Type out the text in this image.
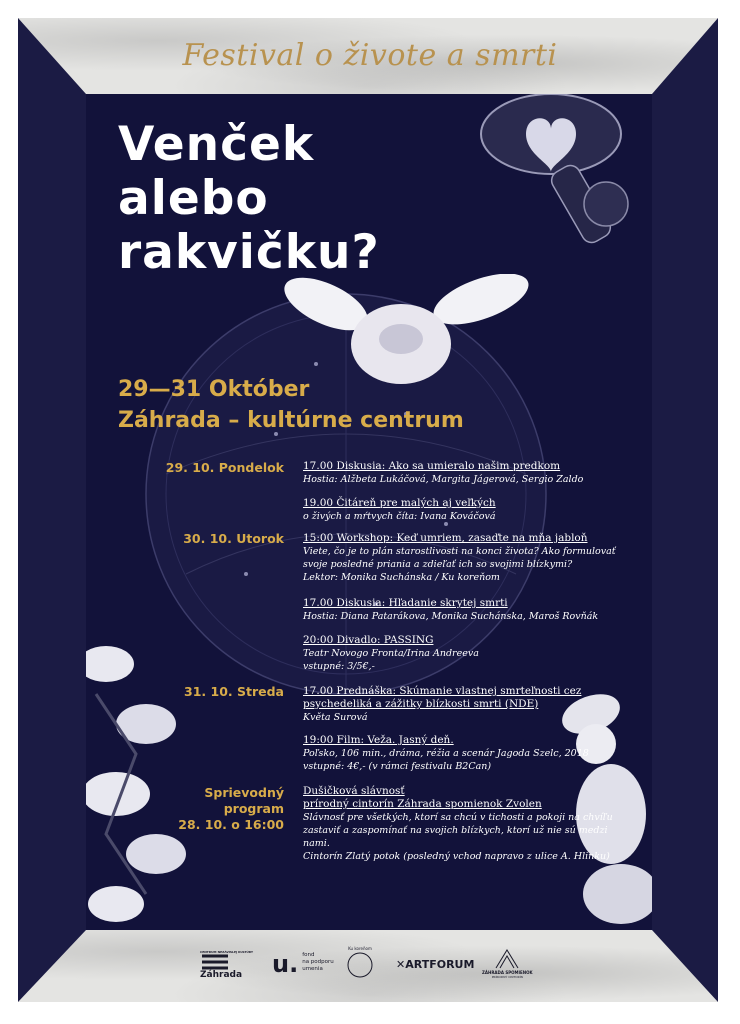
Festival o živote a smrti
Venček
alebo
rakvičku?
29—31 Október
Záhrada – kultúrne centrum
29. 10. Pondelok
30. 10. Utorok
31. 10. Streda
17.00 Diskusia: Ako sa umieralo našim predkom
Hostia: Alžbeta Lukáčová, Margita Jágerová, Sergio Zaldo
19.00 Čitáreň pre malých aj veľkých
o živých a mŕtvych číta: Ivana Kováčová
15:00 Workshop: Keď umriem, zasaďte na mňa jabloň
Viete, čo je to plán starostlivosti na konci života? Ako formulovať
svoje posledné priania a zdieľať ich so svojimi blízkymi?
Lektor: Monika Suchánska / Ku koreňom
17.00 Diskusia: Hľadanie skrytej smrti
Hostia: Diana Patarákova, Monika Suchánska, Maroš Rovňák
20:00 Divadlo: PASSING
Teatr Novogo Fronta/Irina Andreeva
vstupné: 3/5€,-
17.00 Prednáška: Skúmanie vlastnej smrteľnosti cez
psychedeliká a zážitky blízkosti smrti (NDE)
Květa Surová
19:00 Film: Veža. Jasný deň.
Poľsko, 106 min., dráma, réžia a scenár Jagoda Szelc, 2018
vstupné: 4€,- (v rámci festivalu B2Can)
Sprievodný
program
28. 10. o 16:00
Dušičková slávnosť
prírodný cintorín Záhrada spomienok Zvolen
Slávnosť pre všetkých, ktorí sa chcú v tichosti a pokoji na chvíľu
zastaviť a zaspomínať na svojich blízkych, ktorí už nie sú medzi
nami.
Cintorín Zlatý potok (posledný vchod napravo z ulice A. Hlinku)
CENTRUM NEZÁVISLEJ KULTÚRY
Záhrada	u. fond
na podporu
umenia
Ku koreňom
✕ARTFORUM
ZÁHRADA SPOMIENOK
PRÍRODNÝ CINTORÍN
